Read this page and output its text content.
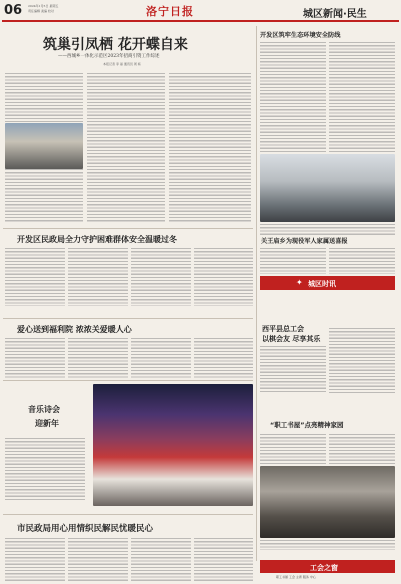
06 2024年1月5日 星期五
责任编辑 美编 校对	洛宁日报	城区新闻·民生
筑巢引凤栖 花开蝶自来
——西城乡一体化示范区2023年招商引资工作综述
本报记者 李 丽 通讯员 周 杨
开发区筑牢生态环境安全防线
关王庙乡为现役军人家属送喜报
✦ 城区时讯
西平县总工会
以棋会友 尽享其乐
“职工书屋”点亮精神家园
工会之窗
职工书屋 工会 主席 服务 中心
开发区民政局全力守护困难群体安全温暖过冬
爱心送到福利院 浓浓关爱暖人心
音乐诗会
迎新年
市民政局用心用情织民解民忧暖民心
